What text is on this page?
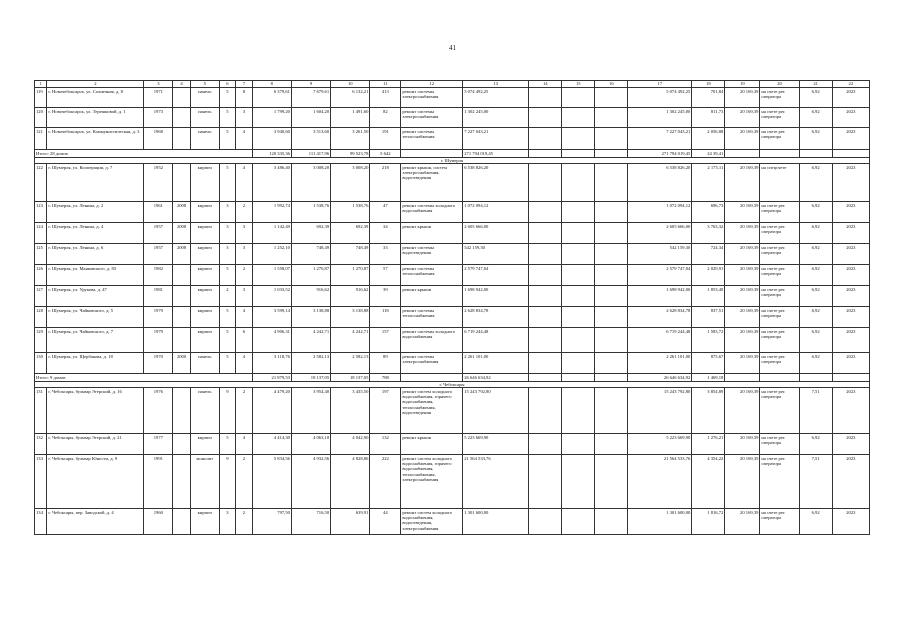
41
1	2	3	4	5	6	7	8	9	10	11	12	13	14	15	16	17	18	19	20	21	22
119	г. Новочебоксарск, ул. Солнечная, д. 8	1971		панель	5	8	6 379,61	7 679,61	6 132,21	413	ремонт системы электроснабжения	5 074 492,25				5 074 492,25	701,84	20 169,39	на счете рег. оператора	6,92	2023
120	г. Новочебоксарск, ул. Терешковой, д. 1	1973		панель	5	3	1 799,20	1 604,20	1 491,60	82	ремонт системы электроснабжения	1 302 245,00				1 302 245,00	811,73	20 169,39	на счете рег. оператора	6,92	2023
121	г. Новочебоксарск, ул. Коммунистическая, д. 3	1968		панель	5	4	3 940,60	3 513,60	3 261,50	191	ремонт системы теплоснабжения	7 227 043,21				7 227 043,21	2 056,88	20 169,39	на счете рег. оператора	6,92	2023
Итого: 28 домов							120 335,36	111 417,96	99 523,78	5 642		271 794 019,45				271 794 019,45	24 39,41				
г. Шумерля																					
122	г. Шумерля, ул. Кооперации, д. 7	1952		кирпич	5	4	3 486,40	3 008,20	3 008,20	218	ремонт крыши, систем электроснабжения, водоотведения	6 538 826,20				6 538 826,20	2 175,11	20 169,39	на спецсчете	6,92	2023
123	г. Шумерля, ул. Ленина, д. 2	1961	2008	кирпич	3	2	1 992,74	1 538,76	1 538,76	47	ремонт системы холодного водоснабжения	1 072 094,12				1 072 094,12	696,73	20 169,39	на счете рег. оператора	6,92	2023
124	г. Шумерля, ул. Ленина, д. 4	1957	2008	кирпич	3	3	1 142,49	692,39	692,39	34	ремонт крыши	2 605 666,00				2 605 666,00	3 763,32	20 169,39	на счете рег. оператора	6,92	2023
125	г. Шумерля, ул. Ленина, д. 6	1957	2008	кирпич	3	3	1 252,10	748,49	748,49	33	ремонт системы водоотведения	542 159,30				542 159,30	724,34	20 169,39	на счете рег. оператора	6,92	2023
126	г. Шумерля, ул. Маяковского, д. 83	1982		кирпич	5	2	1 558,07	1 270,87	1 270,87	57	ремонт системы теплоснабжения	2 579 747,04				2 579 747,04	2 029,91	20 169,39	на счете рег. оператора	6,92	2023
127	г. Шумерля, ул. Урукова, д. 47	1981		кирпич	2	3	1 033,52	916,62	916,62	39	ремонт крыши	1 698 942,00				1 698 942,00	1 853,49	20 169,39	на счете рег. оператора	6,92	2023
128	г. Шумерля, ул. Чайковского, д. 5	1979		кирпич	5	4	3 599,14	3 138,88	3 138,88	118	ремонт системы теплоснабжения	2 628 834,78				2 628 834,78	837,51	20 169,39	на счете рег. оператора	6,92	2023
129	г. Шумерля, ул. Чайковского, д. 7	1979		кирпич	5	6	4 906,31	4 242,71	4 242,71	157	ремонт системы холодного водоснабжения	6 719 244,48				6 719 244,48	1 583,72	20 169,39	на счете рег. оператора	6,92	2023
130	г. Шумерля, ул. Щербакова, д. 18	1970	2000	панель	5	4	3 118,76	2 582,13	2 582,13	89	ремонт системы электроснабжения	2 261 101,00				2 261 101,00	875,67	20 169,39	на счете рег. оператора	6,92	2023
Итого: 9 домов							21 879,53	18 137,05	18 137,05	788		26 646 634,92				26 646 634,92	1 469,18				
г. Чебоксары																					
131	г. Чебоксары, бульвар Эгерский, д. 16	1976		панель	9	2	4 479,20	3 954,40	3 435,50	197	ремонт систем холодного водоснабжения, горячего водоснабжения, теплоснабжения, водоотведения	15 243 792,80				15 243 792,80	3 854,89	20 169,39	на счете рег. оператора	7,51	2023
132	г. Чебоксары, бульвар Эгерский, д. 21	1977		кирпич	5	4	4 414,30	4 063,10	4 042,90	132	ремонт крыши	5 223 669,90				5 223 669,90	1 276,21	20 169,39	на счете рег. оператора	6,92	2023
133	г. Чебоксары, бульвар Юности, д. 9	1991		монолит	9	2	5 834,56	4 932,56	4 828,86	222	ремонт систем холодного водоснабжения, горячего водоснабжения, теплоснабжения, электроснабжения	21 564 533,76				21 564 533,76	4 354,22	20 169,39	на счете рег. оператора	7,51	2023
134	г. Чебоксары, пер. Заводской, д. 4	1960		кирпич	3	2	797,50	716,50	639,91	44	ремонт систем холодного водоснабжения, водоотведения, электроснабжения	1 301 600,00				1 301 600,00	1 816,72	20 169,39	на счете рег. оператора	6,92	2023
